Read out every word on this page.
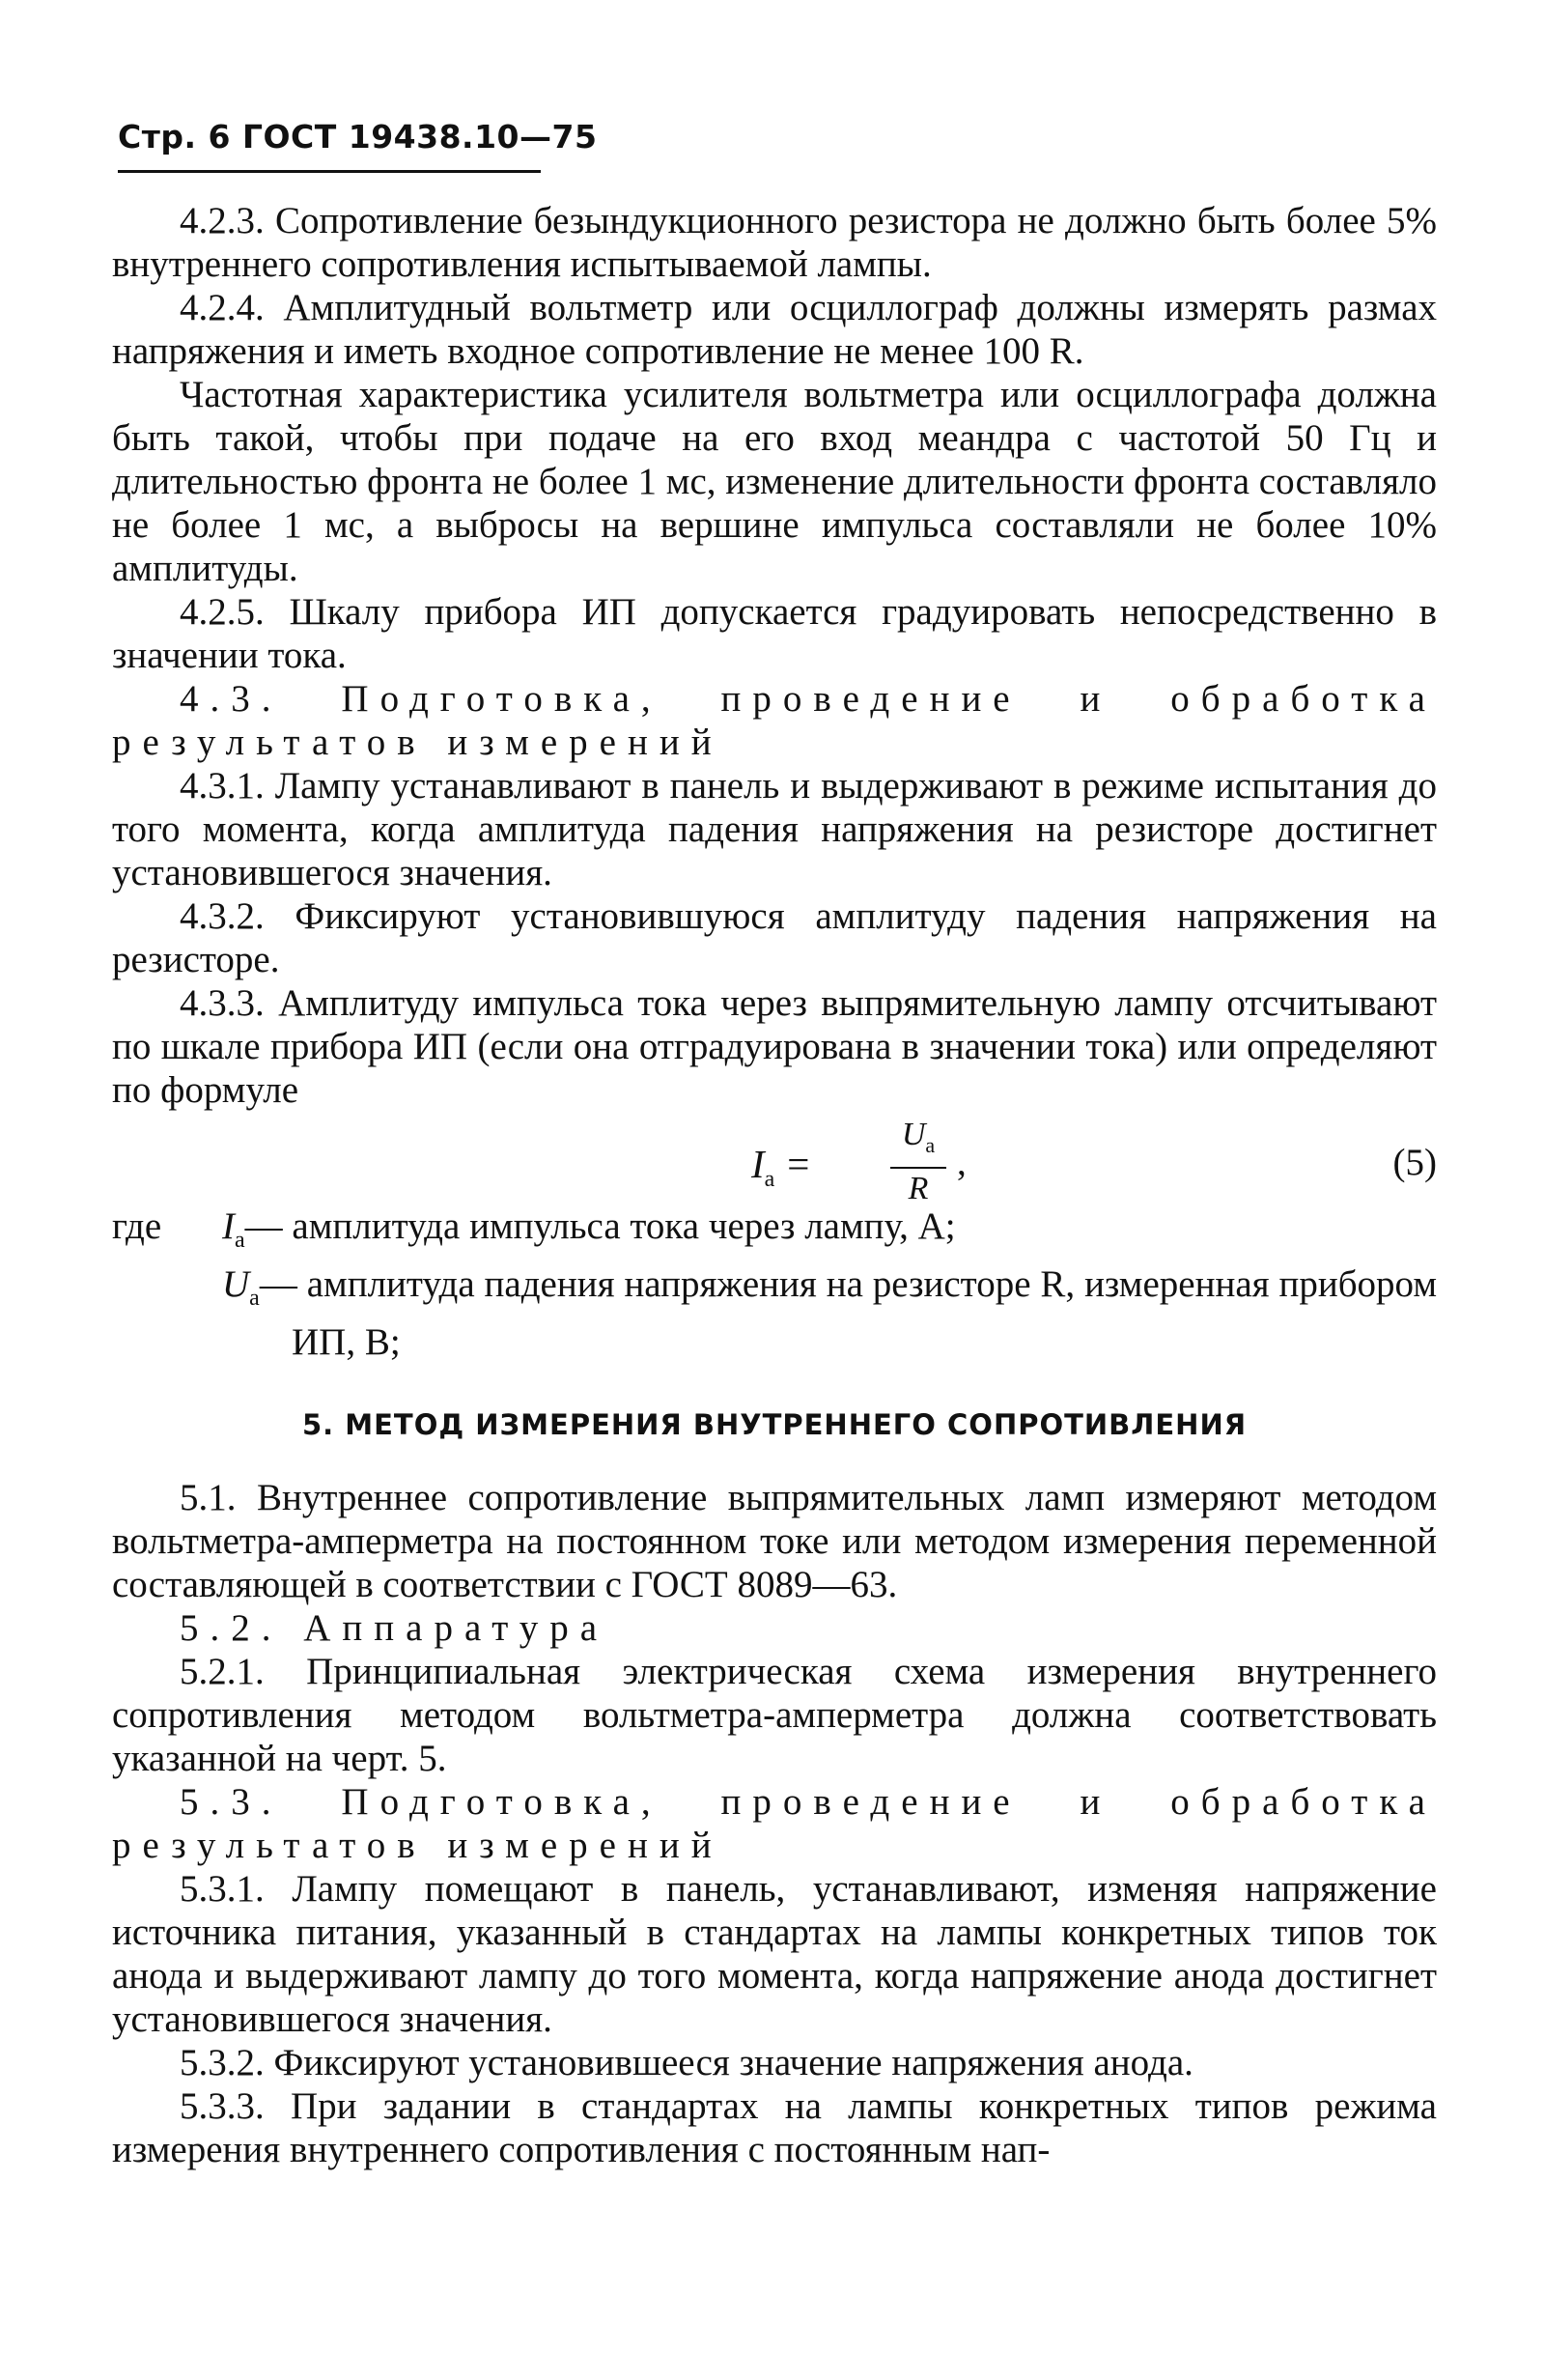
Стр. 6 ГОСТ 19438.10—75

4.2.3. Сопротивление безындукционного резистора не должно быть более 5% внутреннего сопротивления испытываемой лампы.

4.2.4. Амплитудный вольтметр или осциллограф должны измерять размах напряжения и иметь входное сопротивление не менее 100 R.

Частотная характеристика усилителя вольтметра или осциллографа должна быть такой, чтобы при подаче на его вход меандра с частотой 50 Гц и длительностью фронта не более 1 мс, изменение длительности фронта составляло не более 1 мс, а выбросы на вершине импульса составляли не более 10% амплитуды.

4.2.5. Шкалу прибора ИП допускается градуировать непосредственно в значении тока.

4.3. Подготовка, проведение и обработка результатов измерений

4.3.1. Лампу устанавливают в панель и выдерживают в режиме испытания до того момента, когда амплитуда падения напряжения на резисторе достигнет установившегося значения.

4.3.2. Фиксируют установившуюся амплитуду падения напряжения на резисторе.

4.3.3. Амплитуду импульса тока через выпрямительную лампу отсчитывают по шкале прибора ИП (если она отградуирована в значении тока) или определяют по формуле

$I_а$ =
$U_а$
R
,	(5)
где $I_а—$ амплитуда импульса тока через лампу, А;

$U_а—$ амплитуда падения напряжения на резисторе R, измеренная прибором ИП, В;

5. МЕТОД ИЗМЕРЕНИЯ ВНУТРЕННЕГО СОПРОТИВЛЕНИЯ

5.1. Внутреннее сопротивление выпрямительных ламп измеряют методом вольтметра-амперметра на постоянном токе или методом измерения переменной составляющей в соответствии с ГОСТ 8089—63.

5.2. Аппаратура

5.2.1. Принципиальная электрическая схема измерения внутреннего сопротивления методом вольтметра-амперметра должна соответствовать указанной на черт. 5.

5.3. Подготовка, проведение и обработка результатов измерений

5.3.1. Лампу помещают в панель, устанавливают, изменяя напряжение источника питания, указанный в стандартах на лампы конкретных типов ток анода и выдерживают лампу до того момента, когда напряжение анода достигнет установившегося значения.

5.3.2. Фиксируют установившееся значение напряжения анода.

5.3.3. При задании в стандартах на лампы конкретных типов режима измерения внутреннего сопротивления с постоянным нап-
